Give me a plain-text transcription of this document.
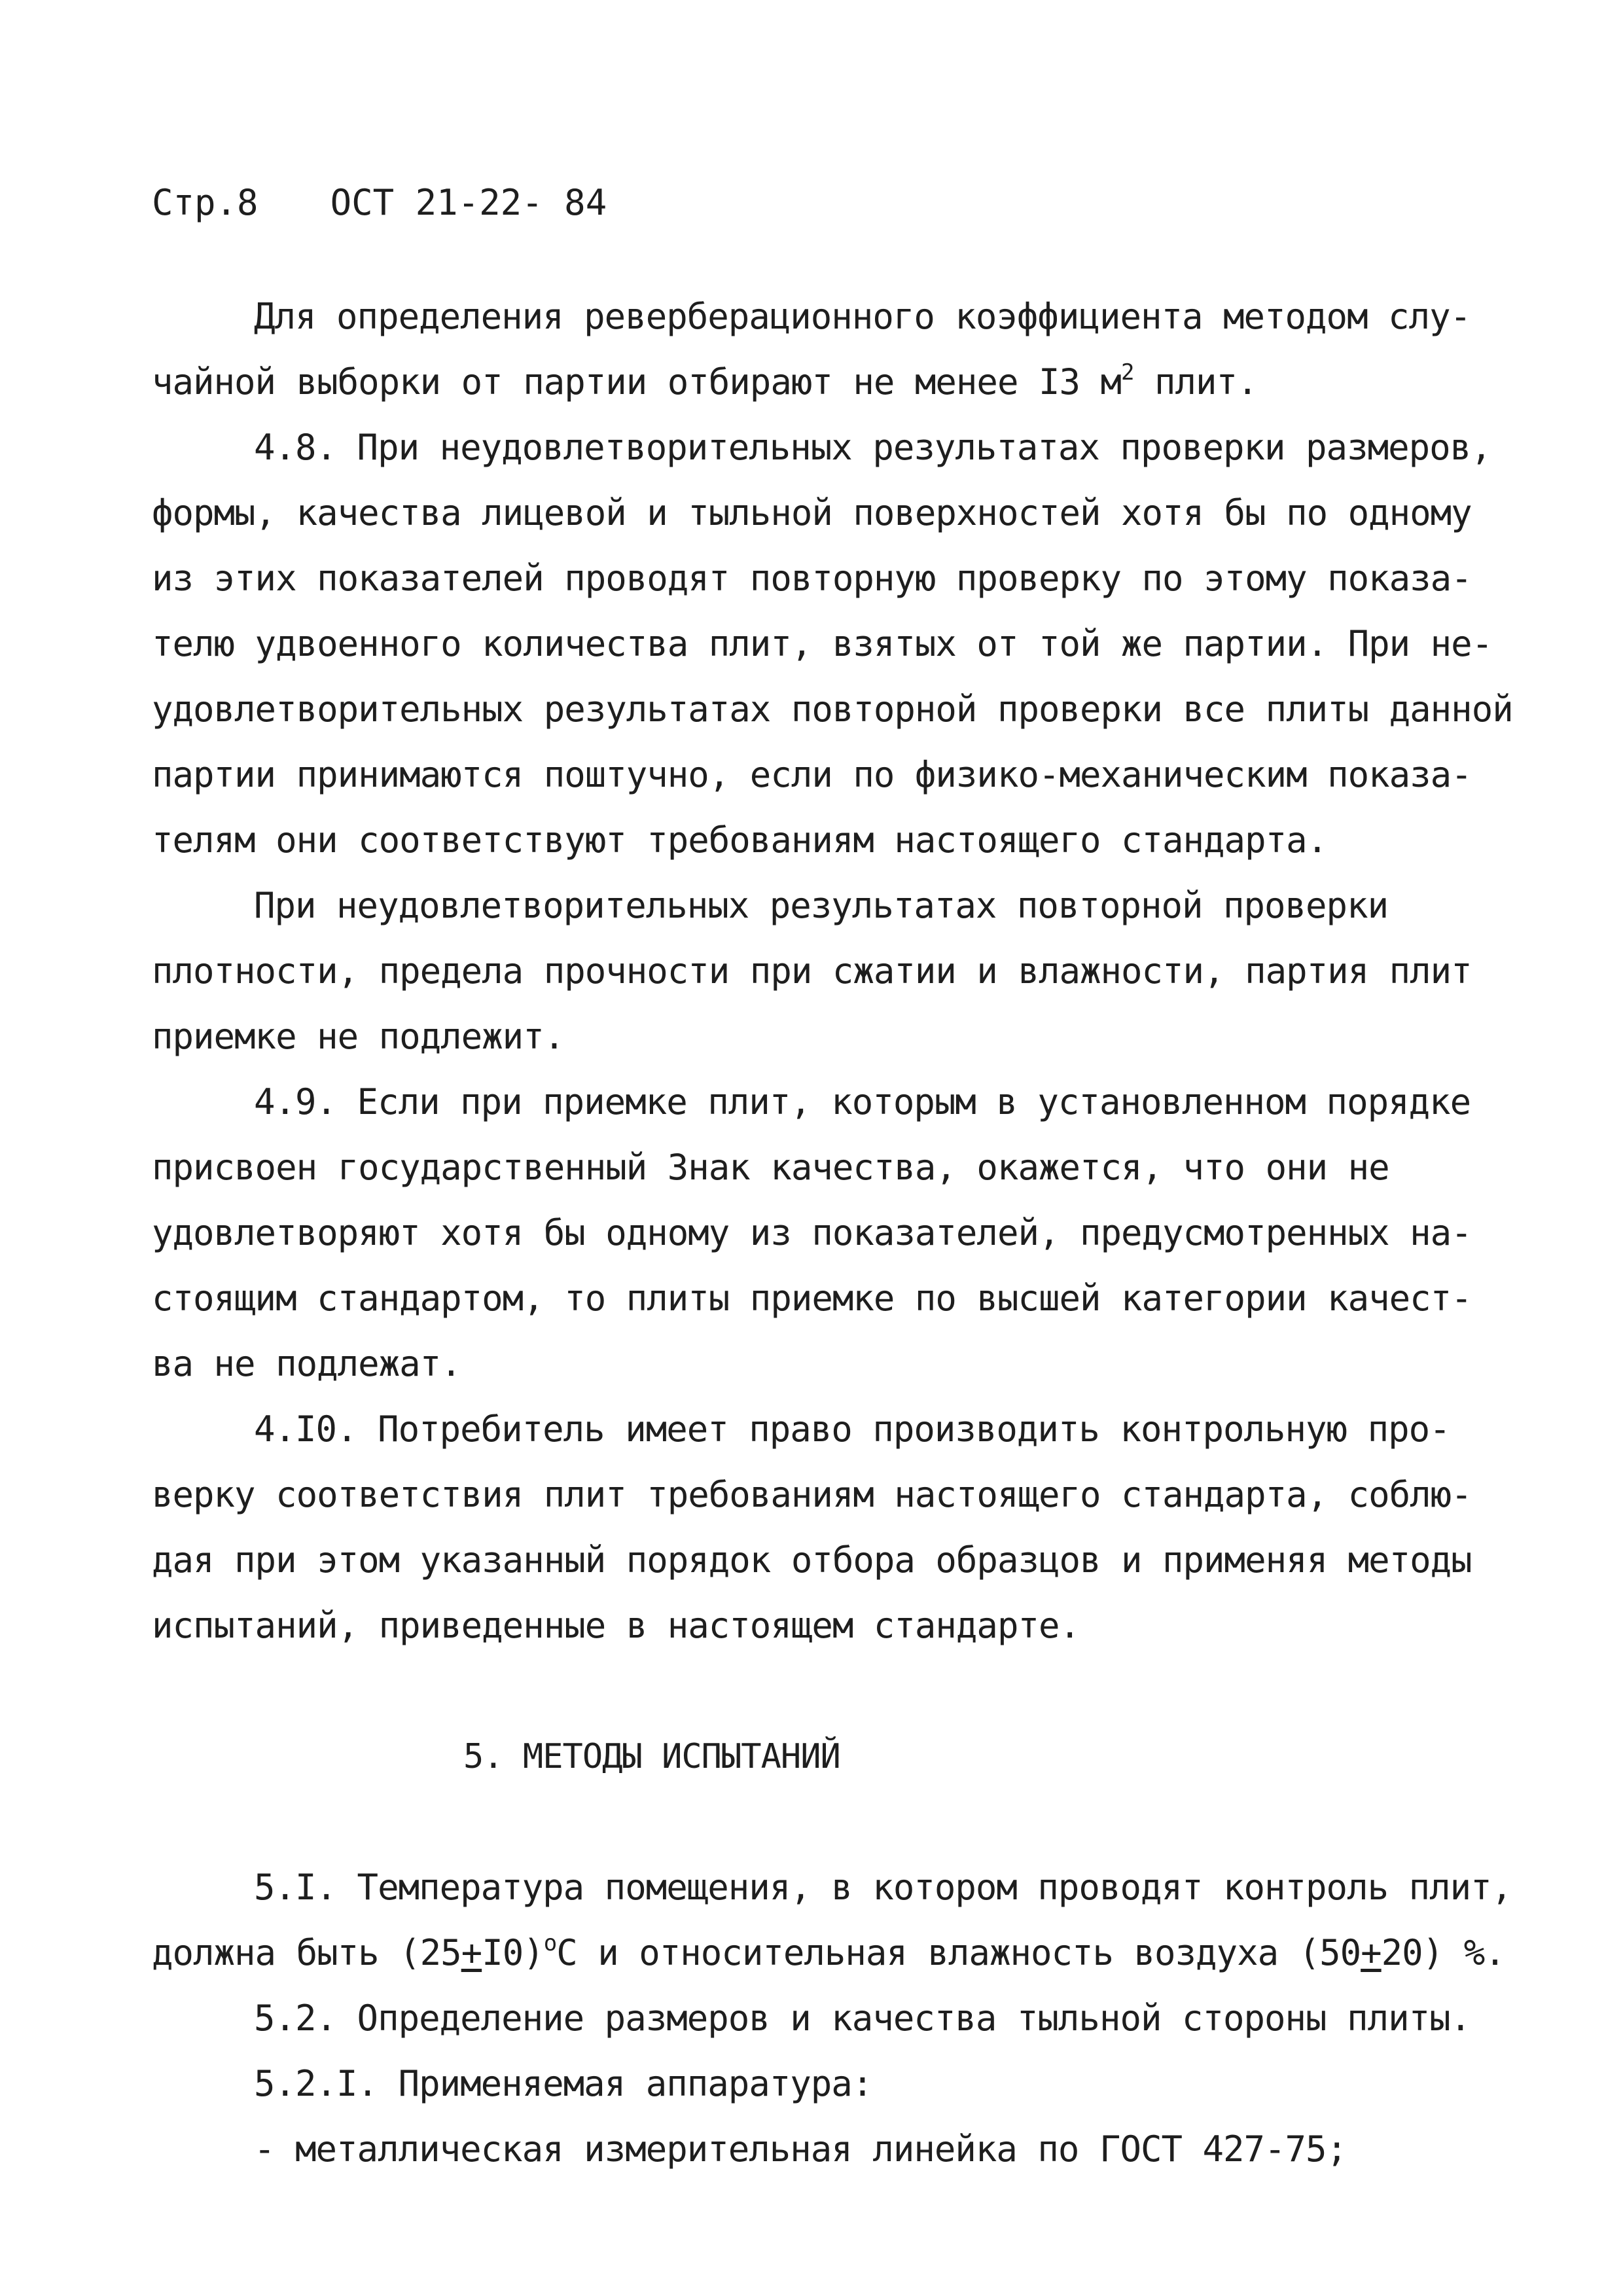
Стр.8 ОСТ 21-22- 84
Для определения реверберационного коэффициента методом слу-
чайной выборки от партии отбирают не менее I3 $м^2$ плит.
4.8. При неудовлетворительных результатах проверки размеров,
формы, качества лицевой и тыльной поверхностей хотя бы по одному
из этих показателей проводят повторную проверку по этому показа-
телю удвоенного количества плит, взятых от той же партии. При не-
удовлетворительных результатах повторной проверки все плиты данной
партии принимаются поштучно, если по физико-механическим показа-
телям они соответствуют требованиям настоящего стандарта.
При неудовлетворительных результатах повторной проверки
плотности, предела прочности при сжатии и влажности, партия плит
приемке не подлежит.
4.9. Если при приемке плит, которым в установленном порядке
присвоен государственный Знак качества, окажется, что они не
удовлетворяют хотя бы одному из показателей, предусмотренных на-
стоящим стандартом, то плиты приемке по высшей категории качест-
ва не подлежат.
4.I0. Потребитель имеет право производить контрольную про-
верку соответствия плит требованиям настоящего стандарта, соблю-
дая при этом указанный порядок отбора образцов и применяя методы
испытаний, приведенные в настоящем стандарте.
5. МЕТОДЫ ИСПЫТАНИЙ
5.I. Температура помещения, в котором проводят контроль плит,
должна быть $(25+I0)^oС$ и относительная влажность воздуха (50+20) %.
5.2. Определение размеров и качества тыльной стороны плиты.
5.2.I. Применяемая аппаратура:
- металлическая измерительная линейка по ГОСТ 427-75;
